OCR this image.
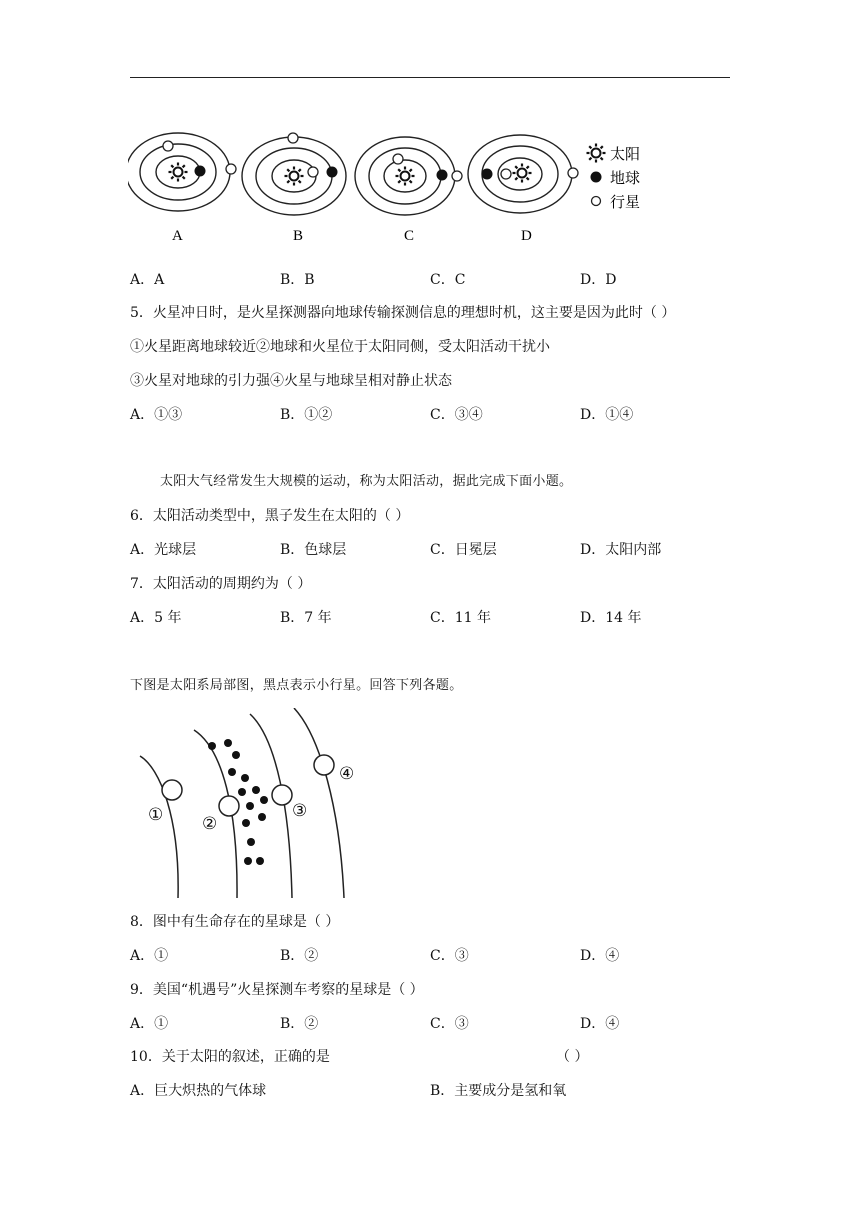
A	B	C	D
太阳
地球
行星
A．A	B．B	C．C	D．D
5．火星冲日时，是火星探测器向地球传输探测信息的理想时机，这主要是因为此时（ ）
①火星距离地球较近②地球和火星位于太阳同侧，受太阳活动干扰小
③火星对地球的引力强④火星与地球呈相对静止状态
A．①③	B．①②	C．③④	D．①④
太阳大气经常发生大规模的运动，称为太阳活动，据此完成下面小题。
6．太阳活动类型中，黑子发生在太阳的（ ）
A．光球层	B．色球层	C．日冕层	D．太阳内部
7．太阳活动的周期约为（ ）
A．5 年	B．7 年	C．11 年	D．14 年
下图是太阳系局部图，黑点表示小行星。回答下列各题。
① ②
③
④
8．图中有生命存在的星球是（ ）
A．①	B．②	C．③	D．④
9．美国“机遇号”火星探测车考察的星球是（ ）
A．①	B．②	C．③	D．④
10．关于太阳的叙述，正确的是	（ ）
A．巨大炽热的气体球	B．主要成分是氢和氧
